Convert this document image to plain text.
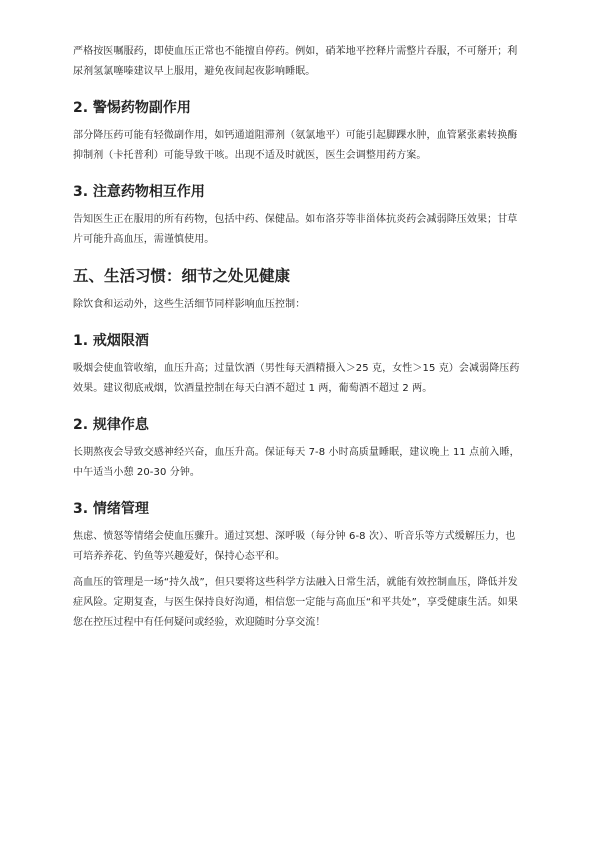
严格按医嘱服药，即使血压正常也不能擅自停药。例如，硝苯地平控释片需整片吞服，不可掰开；利尿剂氢氯噻嗪建议早上服用，避免夜间起夜影响睡眠。

2. 警惕药物副作用

部分降压药可能有轻微副作用，如钙通道阻滞剂（氨氯地平）可能引起脚踝水肿，血管紧张素转换酶抑制剂（卡托普利）可能导致干咳。出现不适及时就医，医生会调整用药方案。

3. 注意药物相互作用

告知医生正在服用的所有药物，包括中药、保健品。如布洛芬等非甾体抗炎药会减弱降压效果；甘草片可能升高血压，需谨慎使用。

五、生活习惯：细节之处见健康

除饮食和运动外，这些生活细节同样影响血压控制：

1. 戒烟限酒

吸烟会使血管收缩，血压升高；过量饮酒（男性每天酒精摄入＞25 克，女性＞15 克）会减弱降压药效果。建议彻底戒烟，饮酒量控制在每天白酒不超过 1 两，葡萄酒不超过 2 两。

2. 规律作息

长期熬夜会导致交感神经兴奋，血压升高。保证每天 7-8 小时高质量睡眠，建议晚上 11 点前入睡，中午适当小憩 20-30 分钟。

3. 情绪管理

焦虑、愤怒等情绪会使血压骤升。通过冥想、深呼吸（每分钟 6-8 次）、听音乐等方式缓解压力，也可培养养花、钓鱼等兴趣爱好，保持心态平和。

高血压的管理是一场“持久战”，但只要将这些科学方法融入日常生活，就能有效控制血压，降低并发症风险。定期复查，与医生保持良好沟通，相信您一定能与高血压“和平共处”，享受健康生活。如果您在控压过程中有任何疑问或经验，欢迎随时分享交流！
